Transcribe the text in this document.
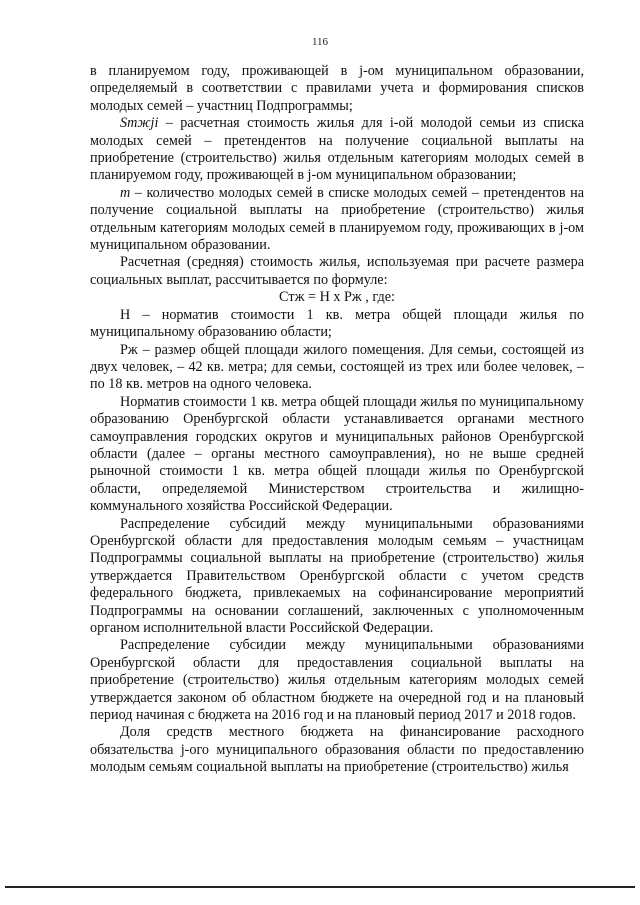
116

в планируемом году, проживающей в j-ом муниципальном образовании, определяемый в соответствии с правилами учета и формирования списков молодых семей – участниц Подпрограммы;

Smжji – расчетная стоимость жилья для i-ой молодой семьи из списка молодых семей – претендентов на получение социальной выплаты на приобретение (строительство) жилья отдельным категориям молодых семей в планируемом году, проживающей в j-ом муниципальном образовании;

m – количество молодых семей в списке молодых семей – претендентов на получение социальной выплаты на приобретение (строительство) жилья отдельным категориям молодых семей в планируемом году, проживающих в j-ом муниципальном образовании.

Расчетная (средняя) стоимость жилья, используемая при расчете размера социальных выплат, рассчитывается по формуле:

Стж = Н х Рж , где:

Н – норматив стоимости 1 кв. метра общей площади жилья по муниципальному образованию области;

Рж – размер общей площади жилого помещения. Для семьи, состоящей из двух человек, – 42 кв. метра; для семьи, состоящей из трех или более человек, – по 18 кв. метров на одного человека.

Норматив стоимости 1 кв. метра общей площади жилья по муниципальному образованию Оренбургской области устанавливается органами местного самоуправления городских округов и муниципальных районов Оренбургской области (далее – органы местного самоуправления), но не выше средней рыночной стоимости 1 кв. метра общей площади жилья по Оренбургской области, определяемой Министерством строительства и жилищно-коммунального хозяйства Российской Федерации.

Распределение субсидий между муниципальными образованиями Оренбургской области для предоставления молодым семьям – участницам Подпрограммы социальной выплаты на приобретение (строительство) жилья утверждается Правительством Оренбургской области с учетом средств федерального бюджета, привлекаемых на софинансирование мероприятий Подпрограммы на основании соглашений, заключенных с уполномоченным органом исполнительной власти Российской Федерации.

Распределение субсидии между муниципальными образованиями Оренбургской области для предоставления социальной выплаты на приобретение (строительство) жилья отдельным категориям молодых семей утверждается законом об областном бюджете на очередной год и на плановый период начиная с бюджета на 2016 год и на плановый период 2017 и 2018 годов.

Доля средств местного бюджета на финансирование расходного обязательства j-ого муниципального образования области по предоставлению молодым семьям социальной выплаты на приобретение (строительство) жилья
